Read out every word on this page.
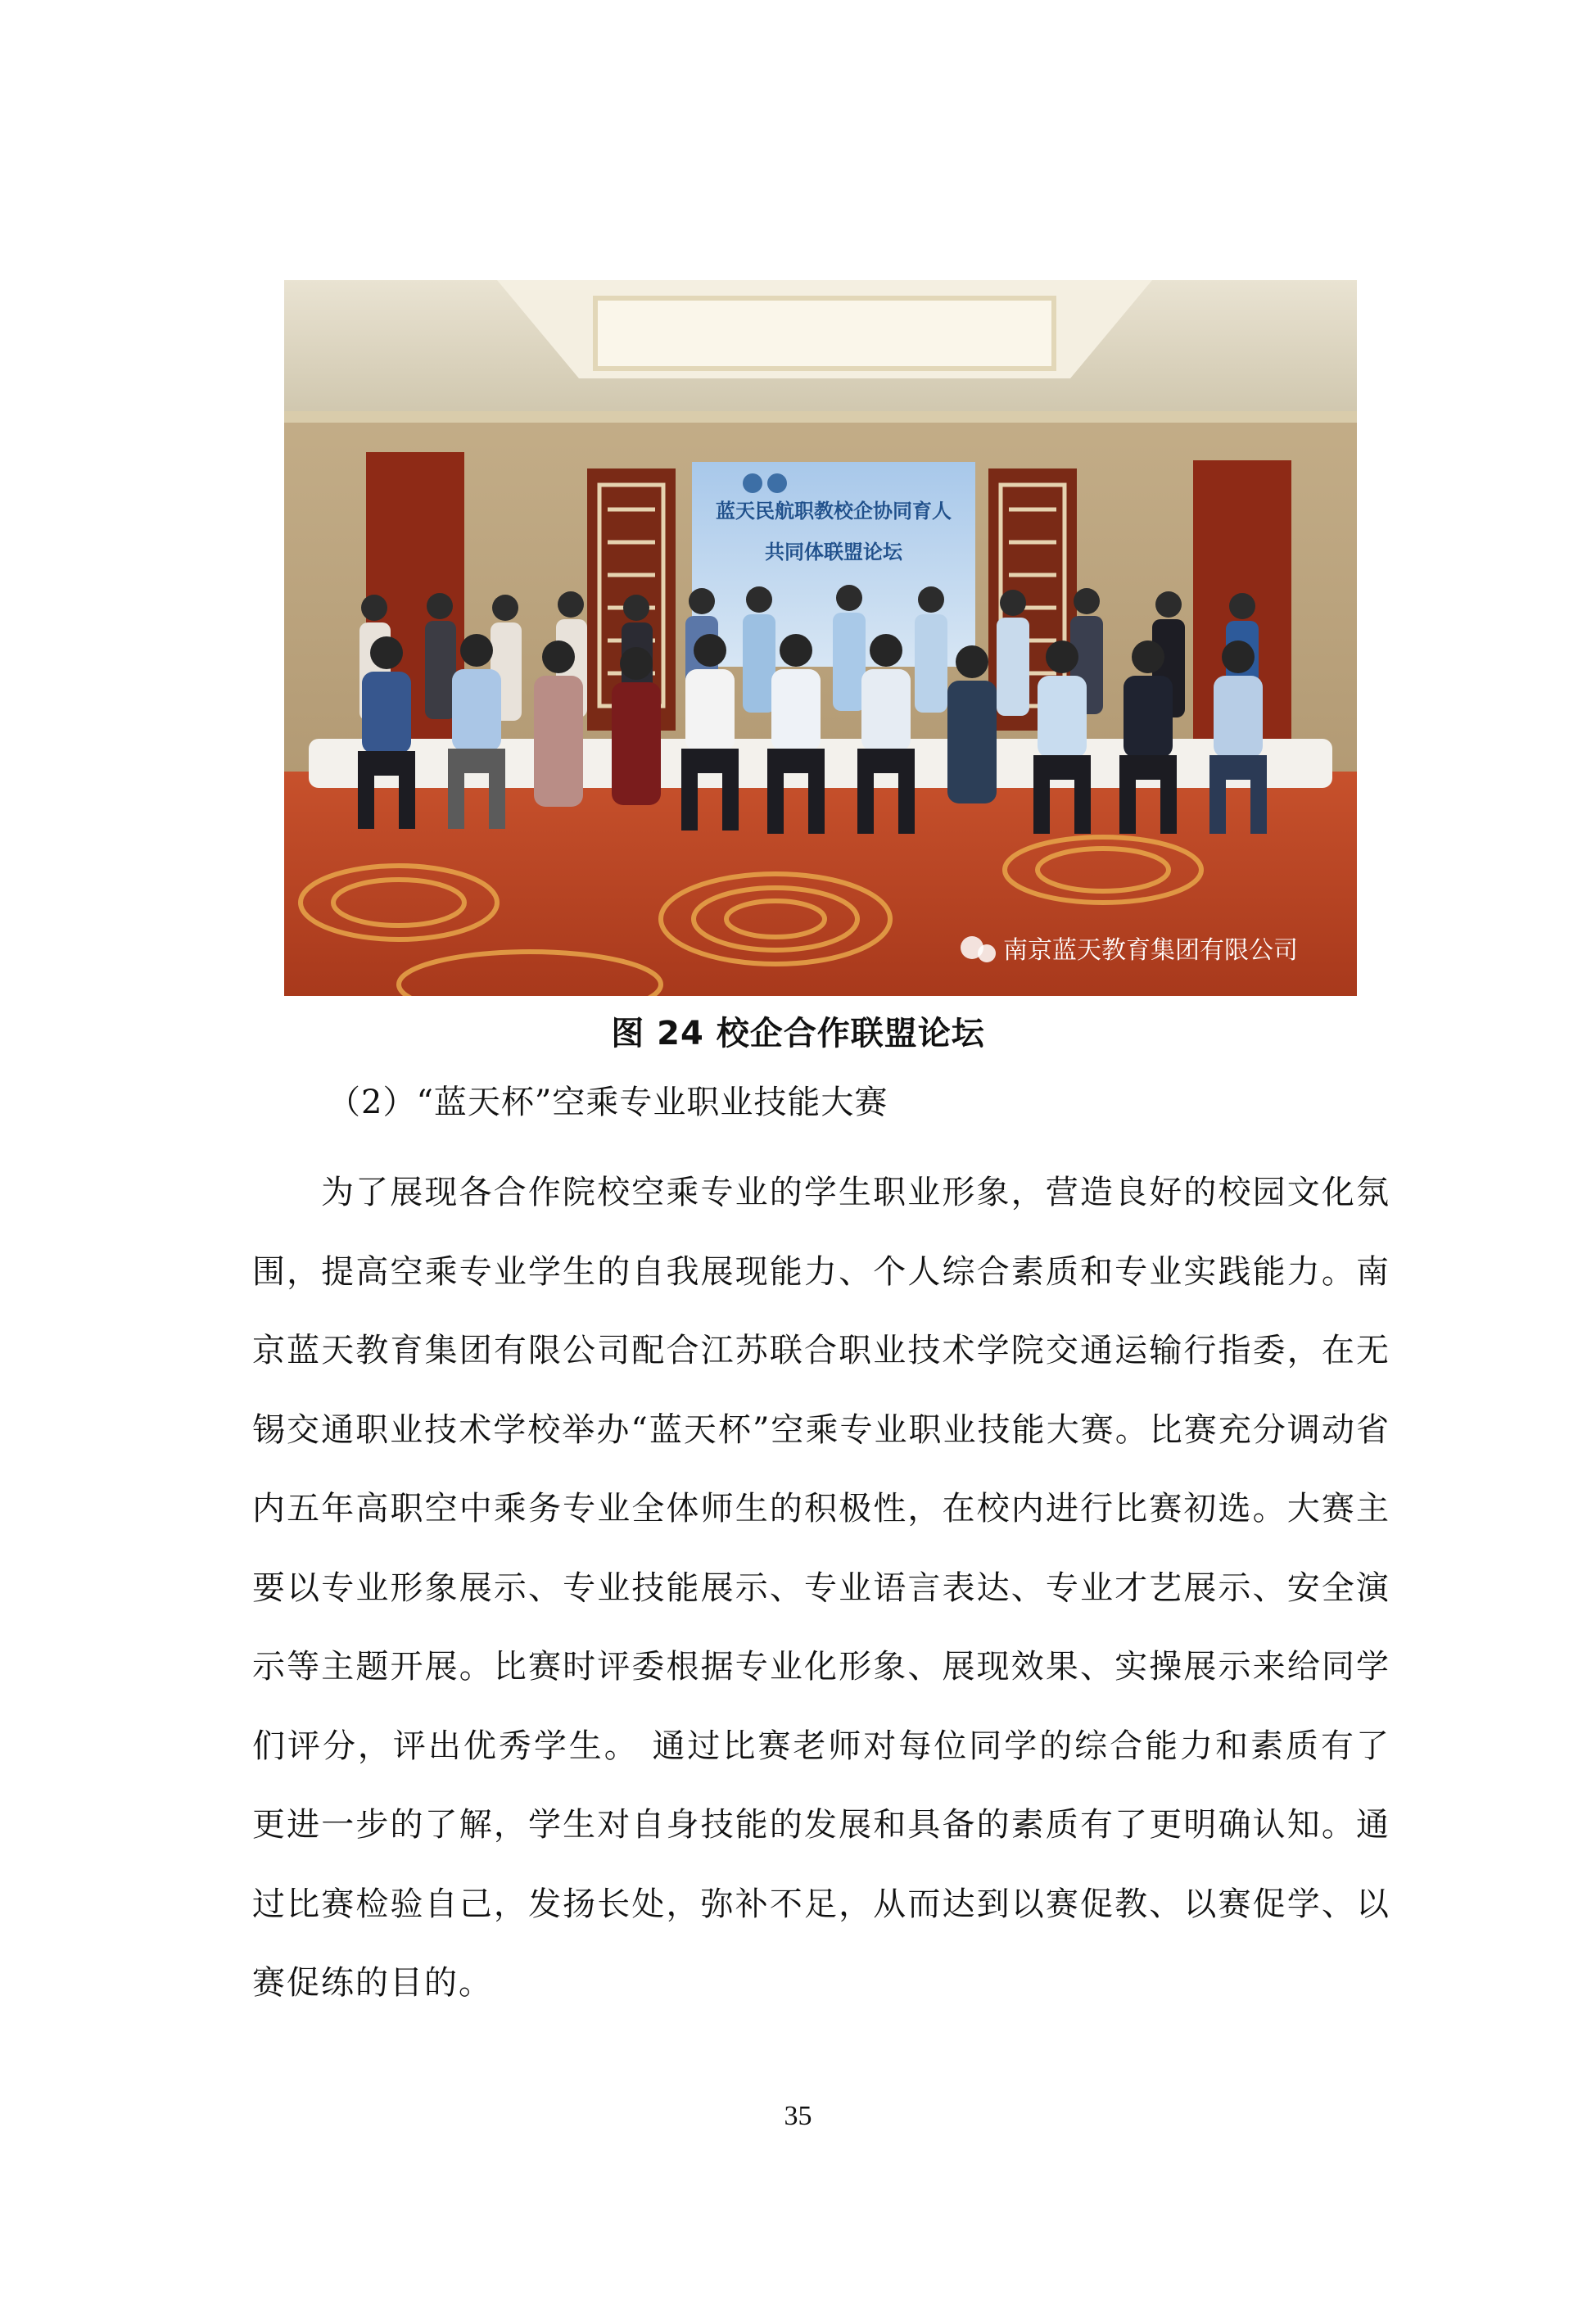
蓝天民航职教校企协同育人
共同体联盟论坛
南京蓝天教育集团有限公司
图 24 校企合作联盟论坛
（2）“蓝天杯”空乘专业职业技能大赛

为了展现各合作院校空乘专业的学生职业形象，营造良好的校园文化氛围，提高空乘专业学生的自我展现能力、个人综合素质和专业实践能力。南京蓝天教育集团有限公司配合江苏联合职业技术学院交通运输行指委，在无锡交通职业技术学校举办“蓝天杯”空乘专业职业技能大赛。比赛充分调动省内五年高职空中乘务专业全体师生的积极性，在校内进行比赛初选。大赛主要以专业形象展示、专业技能展示、专业语言表达、专业才艺展示、安全演示等主题开展。比赛时评委根据专业化形象、展现效果、实操展示来给同学们评分，评出优秀学生。 通过比赛老师对每位同学的综合能力和素质有了更进一步的了解，学生对自身技能的发展和具备的素质有了更明确认知。通过比赛检验自己，发扬长处，弥补不足，从而达到以赛促教、以赛促学、以赛促练的目的。

35
